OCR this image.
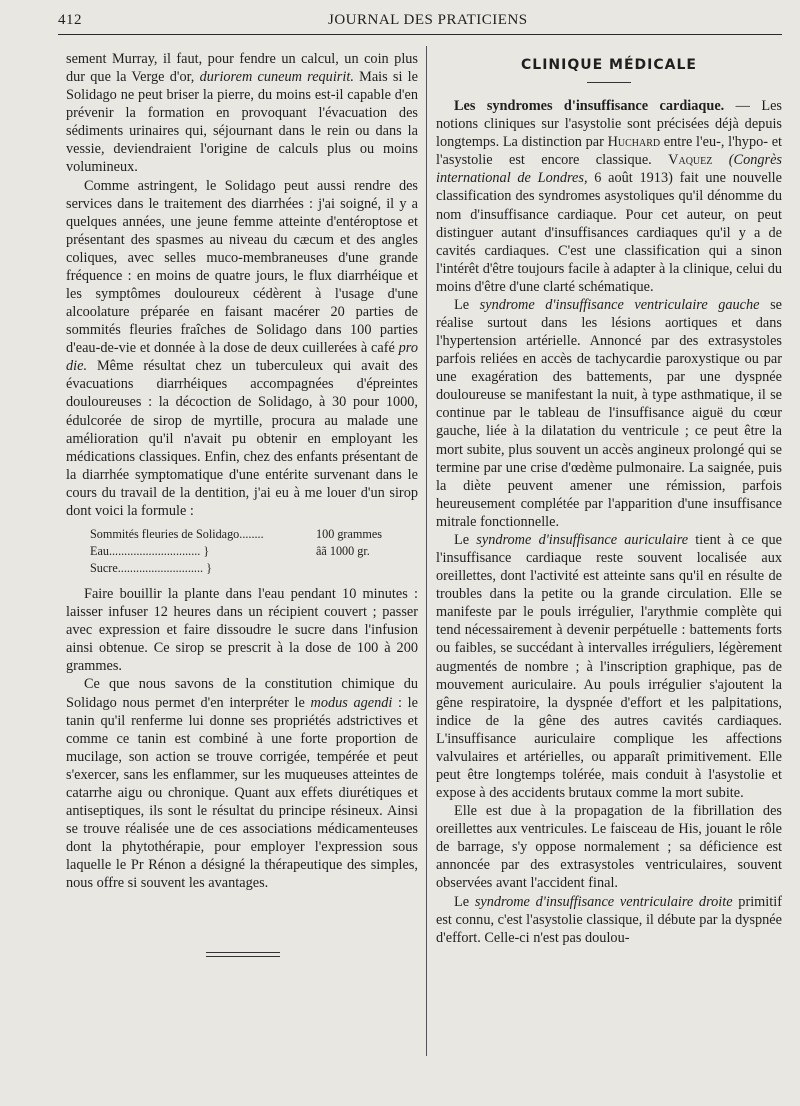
412	JOURNAL DES PRATICIENS

sement Murray, il faut, pour fendre un calcul, un coin plus dur que la Verge d'or, duriorem cuneum requirit. Mais si le Solidago ne peut briser la pierre, du moins est-il capable d'en prévenir la formation en provoquant l'évacuation des sédiments urinaires qui, séjournant dans le rein ou dans la vessie, deviendraient l'origine de calculs plus ou moins volumineux.

Comme astringent, le Solidago peut aussi rendre des services dans le traitement des diarrhées : j'ai soigné, il y a quelques années, une jeune femme atteinte d'entéroptose et présentant des spasmes au niveau du cæcum et des angles coliques, avec selles muco-membraneuses d'une grande fréquence : en moins de quatre jours, le flux diarrhéique et les symptômes douloureux cédèrent à l'usage d'une alcoolature préparée en faisant macérer 20 parties de sommités fleuries fraîches de Solidago dans 100 parties d'eau-de-vie et donnée à la dose de deux cuillerées à café pro die. Même résultat chez un tuberculeux qui avait des évacuations diarrhéiques accompagnées d'épreintes douloureuses : la décoction de Solidago, à 30 pour 1000, édulcorée de sirop de myrtille, procura au malade une amélioration qu'il n'avait pu obtenir en employant les médications classiques. Enfin, chez des enfants présentant de la diarrhée symptomatique d'une entérite survenant dans le cours du travail de la dentition, j'ai eu à me louer d'un sirop dont voici la formule :

Sommités fleuries de Solidago........	100 grammes
Eau.............................. }	âã 1000 gr.
Sucre............................ }

Faire bouillir la plante dans l'eau pendant 10 minutes : laisser infuser 12 heures dans un récipient couvert ; passer avec expression et faire dissoudre le sucre dans l'infusion ainsi obtenue. Ce sirop se prescrit à la dose de 100 à 200 grammes.

Ce que nous savons de la constitution chimique du Solidago nous permet d'en interpréter le modus agendi : le tanin qu'il renferme lui donne ses propriétés adstrictives et comme ce tanin est combiné à une forte proportion de mucilage, son action se trouve corrigée, tempérée et peut s'exercer, sans les enflammer, sur les muqueuses atteintes de catarrhe aigu ou chronique. Quant aux effets diurétiques et antiseptiques, ils sont le résultat du principe résineux. Ainsi se trouve réalisée une de ces associations médicamenteuses dont la phytothérapie, pour employer l'expression sous laquelle le Pr Rénon a désigné la thérapeutique des simples, nous offre si souvent les avantages.

CLINIQUE MÉDICALE

Les syndromes d'insuffisance cardiaque. — Les notions cliniques sur l'asystolie sont précisées déjà depuis longtemps. La distinction par Huchard entre l'eu-, l'hypo- et l'asystolie est encore classique. Vaquez (Congrès international de Londres, 6 août 1913) fait une nouvelle classification des syndromes asystoliques qu'il dénomme du nom d'insuffisance cardiaque. Pour cet auteur, on peut distinguer autant d'insuffisances cardiaques qu'il y a de cavités cardiaques. C'est une classification qui a sinon l'intérêt d'être toujours facile à adapter à la clinique, celui du moins d'être d'une clarté schématique.

Le syndrome d'insuffisance ventriculaire gauche se réalise surtout dans les lésions aortiques et dans l'hypertension artérielle. Annoncé par des extrasystoles parfois reliées en accès de tachycardie paroxystique ou par une exagération des battements, par une dyspnée douloureuse se manifestant la nuit, à type asthmatique, il se continue par le tableau de l'insuffisance aiguë du cœur gauche, liée à la dilatation du ventricule ; ce peut être la mort subite, plus souvent un accès angineux prolongé qui se termine par une crise d'œdème pulmonaire. La saignée, puis la diète peuvent amener une rémission, parfois heureusement complétée par l'apparition d'une insuffisance mitrale fonctionnelle.

Le syndrome d'insuffisance auriculaire tient à ce que l'insuffisance cardiaque reste souvent localisée aux oreillettes, dont l'activité est atteinte sans qu'il en résulte de troubles dans la petite ou la grande circulation. Elle se manifeste par le pouls irrégulier, l'arythmie complète qui tend nécessairement à devenir perpétuelle : battements forts ou faibles, se succédant à intervalles irréguliers, légèrement augmentés de nombre ; à l'inscription graphique, pas de mouvement auriculaire. Au pouls irrégulier s'ajoutent la gêne respiratoire, la dyspnée d'effort et les palpitations, indice de la gêne des autres cavités cardiaques. L'insuffisance auriculaire complique les affections valvulaires et artérielles, ou apparaît primitivement. Elle peut être longtemps tolérée, mais conduit à l'asystolie et expose à des accidents brutaux comme la mort subite.

Elle est due à la propagation de la fibrillation des oreillettes aux ventricules. Le faisceau de His, jouant le rôle de barrage, s'y oppose normalement ; sa déficience est annoncée par des extrasystoles ventriculaires, souvent observées avant l'accident final.

Le syndrome d'insuffisance ventriculaire droite primitif est connu, c'est l'asystolie classique, il débute par la dyspnée d'effort. Celle-ci n'est pas doulou-
